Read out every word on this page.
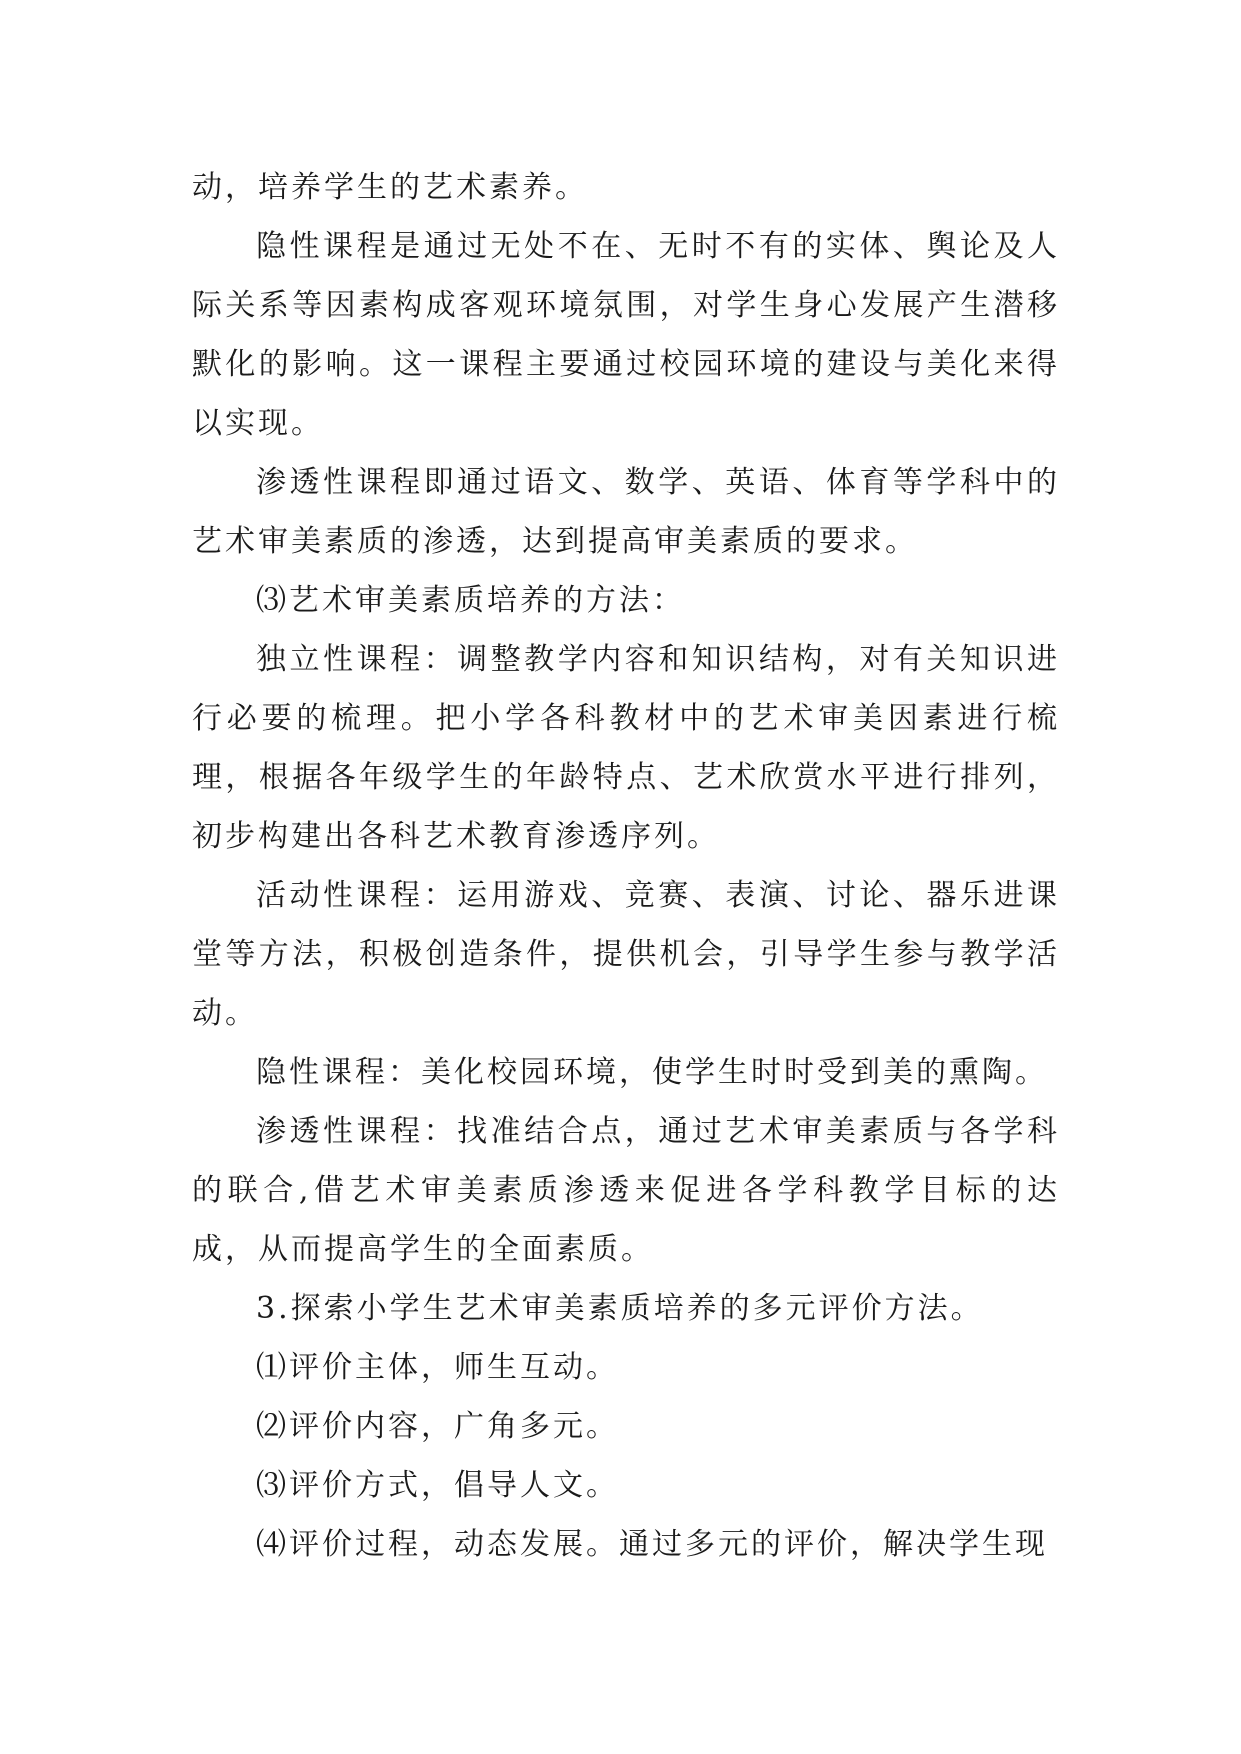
动，培养学生的艺术素养。

隐性课程是通过无处不在、无时不有的实体、舆论及人际关系等因素构成客观环境氛围，对学生身心发展产生潜移默化的影响。这一课程主要通过校园环境的建设与美化来得以实现。

渗透性课程即通过语文、数学、英语、体育等学科中的艺术审美素质的渗透，达到提高审美素质的要求。

⑶艺术审美素质培养的方法：

独立性课程：调整教学内容和知识结构，对有关知识进行必要的梳理。把小学各科教材中的艺术审美因素进行梳理，根据各年级学生的年龄特点、艺术欣赏水平进行排列，初步构建出各科艺术教育渗透序列。

活动性课程：运用游戏、竞赛、表演、讨论、器乐进课堂等方法，积极创造条件，提供机会，引导学生参与教学活动。

隐性课程：美化校园环境，使学生时时受到美的熏陶。

渗透性课程：找准结合点，通过艺术审美素质与各学科的联合,借艺术审美素质渗透来促进各学科教学目标的达成，从而提高学生的全面素质。

3.探索小学生艺术审美素质培养的多元评价方法。

⑴评价主体，师生互动。

⑵评价内容，广角多元。

⑶评价方式，倡导人文。

⑷评价过程，动态发展。通过多元的评价，解决学生现
